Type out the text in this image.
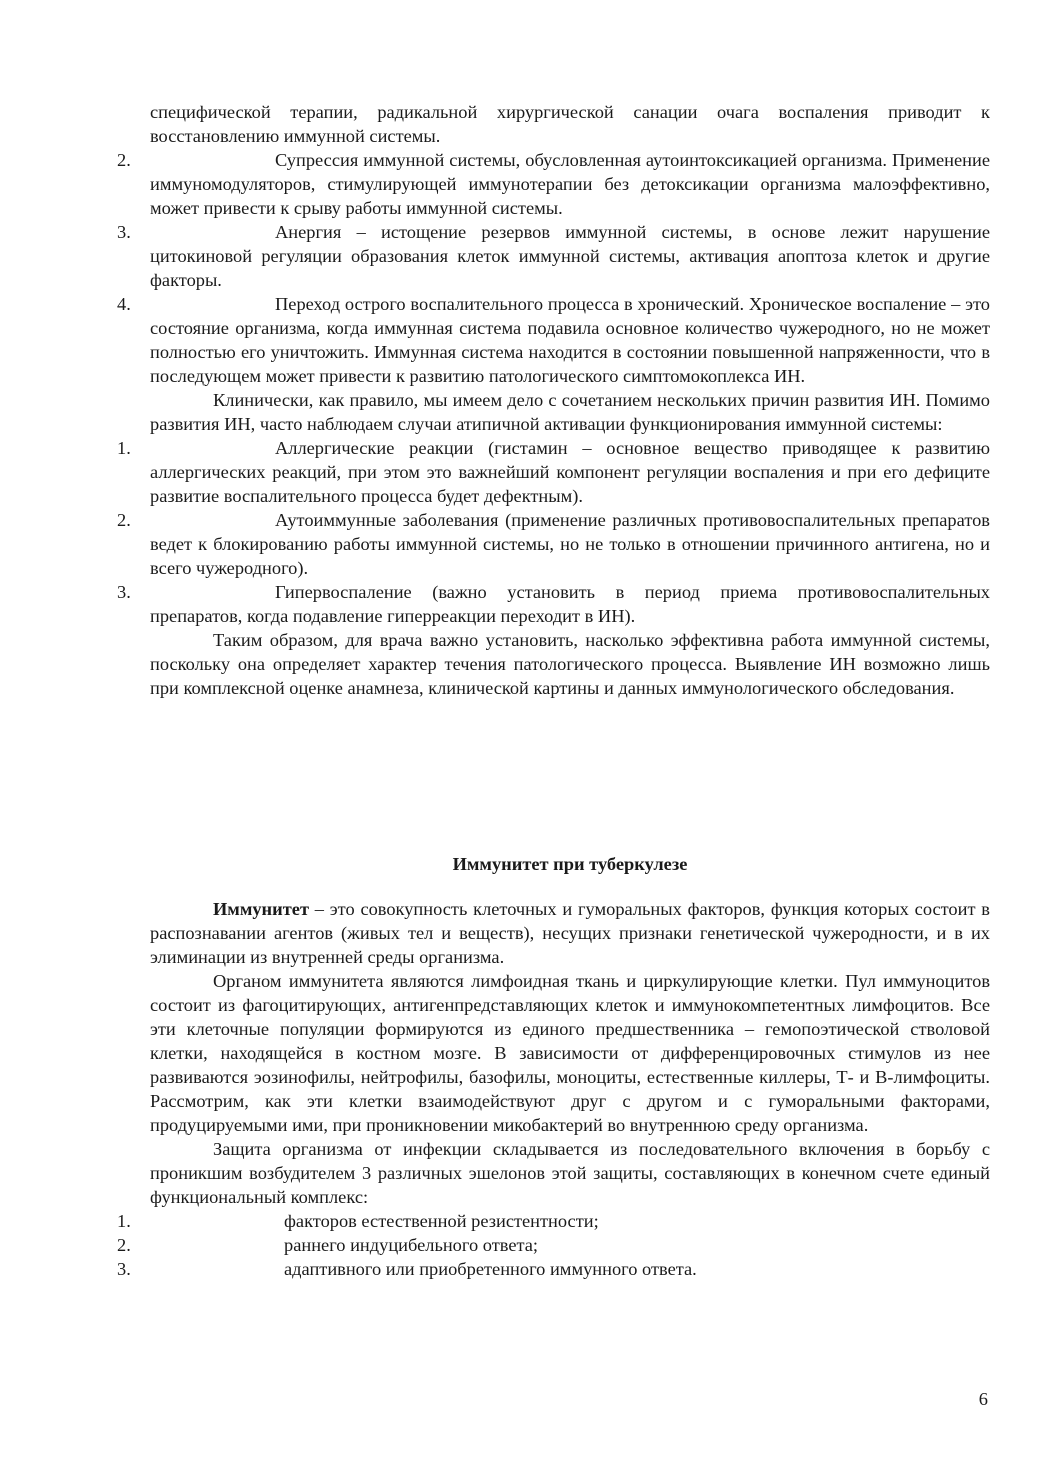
специфической терапии, радикальной хирургической санации очага воспаления приводит к восстановлению иммунной системы.

2.	Супрессия иммунной системы, обусловленная аутоинтоксикацией организма. Применение иммуномодуляторов, стимулирующей иммунотерапии без детоксикации организма малоэффективно, может привести к срыву работы иммунной системы.
3.	Анергия – истощение резервов иммунной системы, в основе лежит нарушение цитокиновой регуляции образования клеток иммунной системы, активация апоптоза клеток и другие факторы.
4.	Переход острого воспалительного процесса в хронический. Хроническое воспаление – это состояние организма, когда иммунная система подавила основное количество чужеродного, но не может полностью его уничтожить. Иммунная система находится в состоянии повышенной напряженности, что в последующем может привести к развитию патологического симптомокоплекса ИН.

Клинически, как правило, мы имеем дело с сочетанием нескольких причин развития ИН. Помимо развития ИН, часто наблюдаем случаи атипичной активации функционирования иммунной системы:

1.	Аллергические реакции (гистамин – основное вещество приводящее к развитию аллергических реакций, при этом это важнейший компонент регуляции воспаления и при его дефиците развитие воспалительного процесса будет дефектным).
2.	Аутоиммунные заболевания (применение различных противовоспалительных препаратов ведет к блокированию работы иммунной системы, но не только в отношении причинного антигена, но и всего чужеродного).
3.	Гипервоспаление (важно установить в период приема противовоспалительных препаратов, когда подавление гиперреакции переходит в ИН).

Таким образом, для врача важно установить, насколько эффективна работа иммунной системы, поскольку она определяет характер течения патологического процесса. Выявление ИН возможно лишь при комплексной оценке анамнеза, клинической картины и данных иммунологического обследования.

Иммунитет при туберкулезе

Иммунитет – это совокупность клеточных и гуморальных факторов, функция которых состоит в распознавании агентов (живых тел и веществ), несущих признаки генетической чужеродности, и в их элиминации из внутренней среды организма.

Органом иммунитета являются лимфоидная ткань и циркулирующие клетки. Пул иммуноцитов состоит из фагоцитирующих, антигенпредставляющих клеток и иммунокомпетентных лимфоцитов. Все эти клеточные популяции формируются из единого предшественника – гемопоэтической стволовой клетки, находящейся в костном мозге. В зависимости от дифференцировочных стимулов из нее развиваются эозинофилы, нейтрофилы, базофилы, моноциты, естественные киллеры, Т- и В-лимфоциты. Рассмотрим, как эти клетки взаимодействуют друг с другом и с гуморальными факторами, продуцируемыми ими, при проникновении микобактерий во внутреннюю среду организма.

Защита организма от инфекции складывается из последовательного включения в борьбу с проникшим возбудителем 3 различных эшелонов этой защиты, составляющих в конечном счете единый функциональный комплекс:

1.	факторов естественной резистентности;
2.	раннего индуцибельного ответа;
3.	адаптивного или приобретенного иммунного ответа.
6
